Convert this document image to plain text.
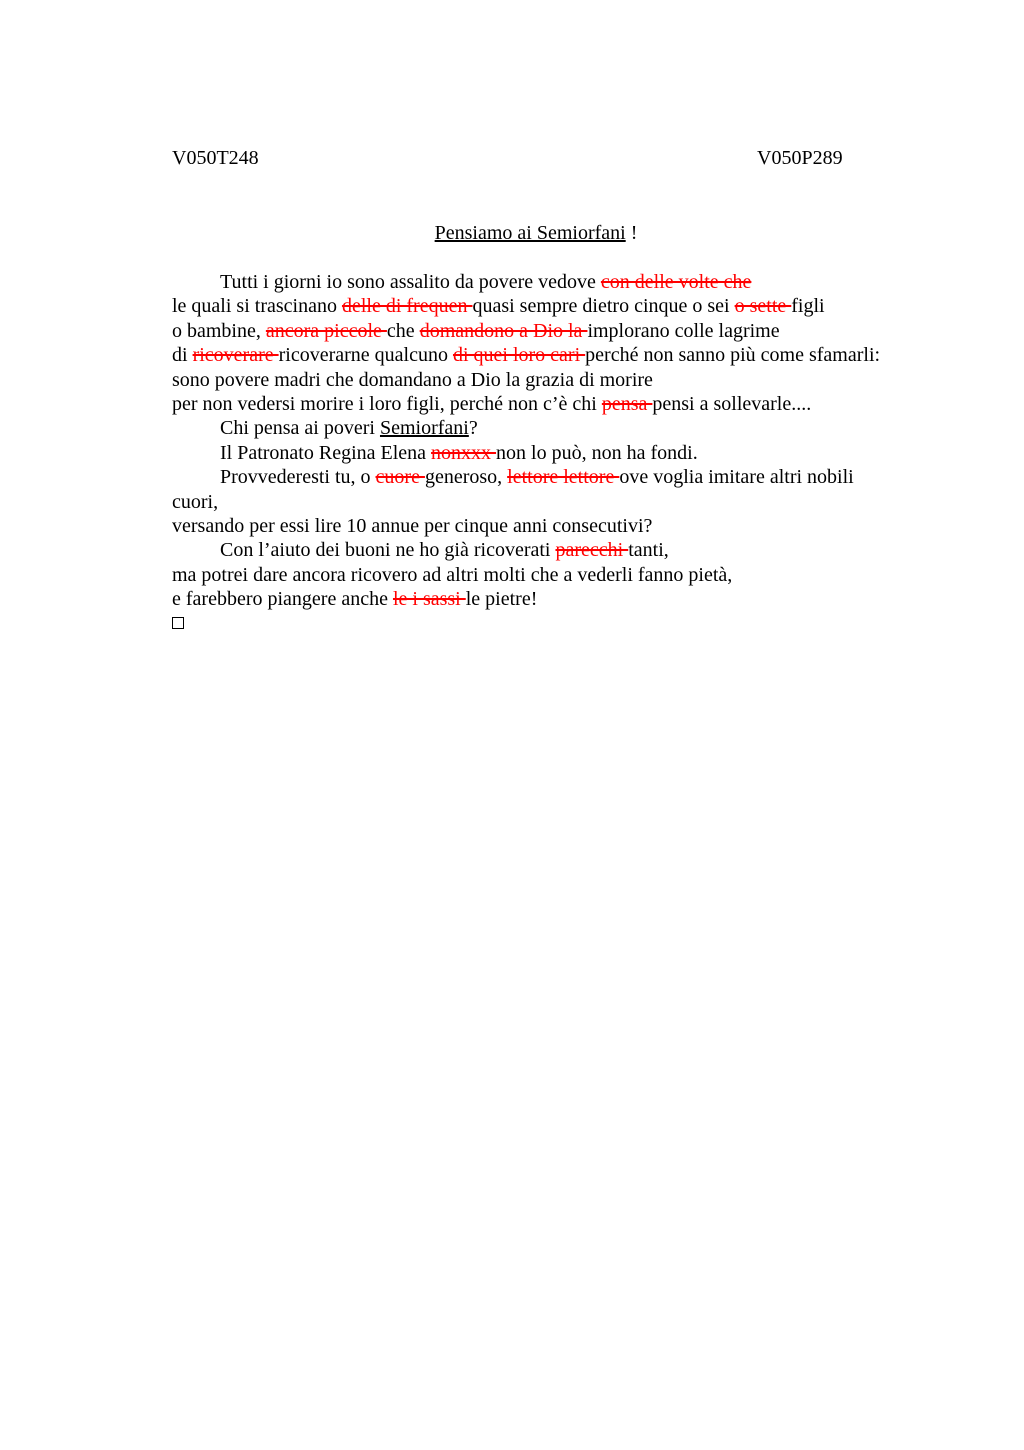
V050T248	V050P289
Pensiamo ai Semiorfani !
Tutti i giorni io sono assalito da povere vedove con delle volte che
le quali si trascinano delle di frequen quasi sempre dietro cinque o sei o sette figli
o bambine, ancora piccole che domandono a Dio la implorano colle lagrime
di ricoverare ricoverarne qualcuno di quei loro cari perché non sanno più come sfamarli:
sono povere madri che domandano a Dio la grazia di morire
per non vedersi morire i loro figli, perché non c’è chi pensa pensi a sollevarle....
Chi pensa ai poveri Semiorfani?
Il Patronato Regina Elena nonxxx non lo può, non ha fondi.
Provvederesti tu, o cuore generoso, lettore lettore ove voglia imitare altri nobili
cuori,
versando per essi lire 10 annue per cinque anni consecutivi?
Con l’aiuto dei buoni ne ho già ricoverati parecchi tanti,
ma potrei dare ancora ricovero ad altri molti che a vederli fanno pietà,
e farebbero piangere anche le i sassi le pietre!
